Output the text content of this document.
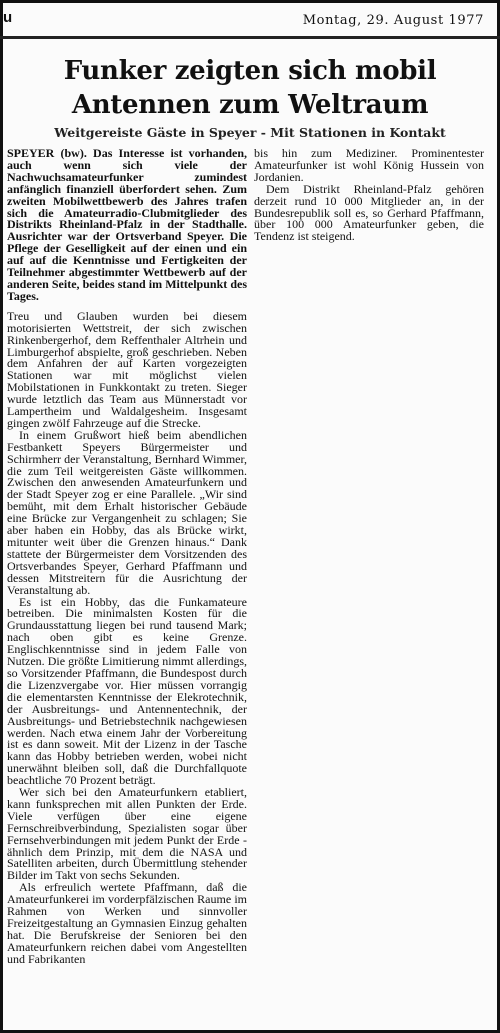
u	Montag, 29. August 1977
Funker zeigten sich mobil
Antennen zum Weltraum
Weitgereiste Gäste in Speyer - Mit Stationen in Kontakt

SPEYER (bw). Das Interesse ist vorhanden, auch wenn sich viele der Nachwuchsamateurfunker zumindest anfänglich finanziell überfordert sehen. Zum zweiten Mobilwettbewerb des Jahres trafen sich die Amateurradio-Clubmitglieder des Distrikts Rheinland-Pfalz in der Stadthalle. Ausrichter war der Ortsverband Speyer. Die Pflege der Geselligkeit auf der einen und ein auf auf die Kenntnisse und Fertigkeiten der Teilnehmer abgestimmter Wettbewerb auf der anderen Seite, beides stand im Mittelpunkt des Tages.

Treu und Glauben wurden bei diesem motorisierten Wettstreit, der sich zwischen Rinkenbergerhof, dem Reffenthaler Altrhein und Limburgerhof abspielte, groß geschrieben. Neben dem Anfahren der auf Karten vorgezeigten Stationen war mit möglichst vielen Mobilstationen in Funkkontakt zu treten. Sieger wurde letztlich das Team aus Münnerstadt vor Lampertheim und Waldalgesheim. Insgesamt gingen zwölf Fahrzeuge auf die Strecke.

In einem Grußwort hieß beim abendlichen Festbankett Speyers Bürgermeister und Schirmherr der Veranstaltung, Bernhard Wimmer, die zum Teil weitgereisten Gäste willkommen. Zwischen den anwesenden Amateurfunkern und der Stadt Speyer zog er eine Parallele. „Wir sind bemüht, mit dem Erhalt historischer Gebäude eine Brücke zur Vergangenheit zu schlagen; Sie aber haben ein Hobby, das als Brücke wirkt, mitunter weit über die Grenzen hinaus.“ Dank stattete der Bürgermeister dem Vorsitzenden des Ortsverbandes Speyer, Gerhard Pfaffmann und dessen Mitstreitern für die Ausrichtung der Veranstaltung ab.

Es ist ein Hobby, das die Funkamateure betreiben. Die minimalsten Kosten für die Grundausstattung liegen bei rund tausend Mark; nach oben gibt es keine Grenze. Englischkenntnisse sind in jedem Falle von Nutzen. Die größte Limitierung nimmt allerdings, so Vorsitzender Pfaffmann, die Bundespost durch die Lizenzvergabe vor. Hier müssen vorrangig die elementarsten Kenntnisse der Elekrotechnik, der Ausbreitungs- und Antennentechnik, der Ausbreitungs- und Betriebstechnik nachgewiesen werden. Nach etwa einem Jahr der Vorbereitung ist es dann soweit. Mit der Lizenz in der Tasche kann das Hobby betrieben werden, wobei nicht unerwähnt bleiben soll, daß die Durchfallquote beachtliche 70 Prozent beträgt.

Wer sich bei den Amateurfunkern etabliert, kann funksprechen mit allen Punkten der Erde. Viele verfügen über eine eigene Fernschreibverbindung, Spezialisten sogar über Fernsehverbindungen mit jedem Punkt der Erde - ähnlich dem Prinzip, mit dem die NASA und Satelliten arbeiten, durch Übermittlung stehender Bilder im Takt von sechs Sekunden.

Als erfreulich wertete Pfaffmann, daß die Amateurfunkerei im vorderpfälzischen Raume im Rahmen von Werken und sinnvoller Freizeitgestaltung an Gymnasien Einzug gehalten hat. Die Berufskreise der Senioren bei den Amateurfunkern reichen dabei vom Angestellten und Fabrikanten

bis hin zum Mediziner. Prominentester Amateurfunker ist wohl König Hussein von Jordanien.

Dem Distrikt Rheinland-Pfalz gehören derzeit rund 10 000 Mitglieder an, in der Bundesrepublik soll es, so Gerhard Pfaffmann, über 100 000 Amateurfunker geben, die Tendenz ist steigend.
